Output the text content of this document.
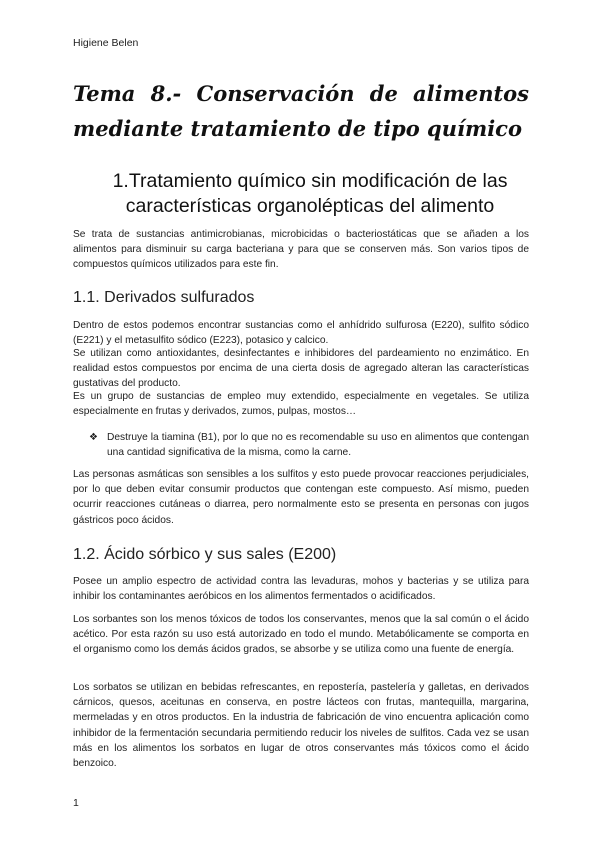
Higiene Belen
Tema 8.- Conservación de alimentos mediante tratamiento de tipo químico
1.Tratamiento químico sin modificación de las características organolépticas del alimento

Se trata de sustancias antimicrobianas, microbicidas o bacteriostáticas que se añaden a los alimentos para disminuir su carga bacteriana y para que se conserven más. Son varios tipos de compuestos químicos utilizados para este fin.

1.1. Derivados sulfurados

Dentro de estos podemos encontrar sustancias como el anhídrido sulfurosa (E220), sulfito sódico (E221) y el metasulfito sódico (E223), potasico y calcico.

Se utilizan como antioxidantes, desinfectantes e inhibidores del pardeamiento no enzimático. En realidad estos compuestos por encima de una cierta dosis de agregado alteran las características gustativas del producto.

Es un grupo de sustancias de empleo muy extendido, especialmente en vegetales. Se utiliza especialmente en frutas y derivados, zumos, pulpas, mostos…

❖ Destruye la tiamina (B1), por lo que no es recomendable su uso en alimentos que contengan una cantidad significativa de la misma, como la carne.

Las personas asmáticas son sensibles a los sulfitos y esto puede provocar reacciones perjudiciales, por lo que deben evitar consumir productos que contengan este compuesto. Así mismo, pueden ocurrir reacciones cutáneas o diarrea, pero normalmente esto se presenta en personas con jugos gástricos poco ácidos.

1.2. Ácido sórbico y sus sales (E200)

Posee un amplio espectro de actividad contra las levaduras, mohos y bacterias y se utiliza para inhibir los contaminantes aeróbicos en los alimentos fermentados o acidificados.

Los sorbantes son los menos tóxicos de todos los conservantes, menos que la sal común o el ácido acético. Por esta razón su uso está autorizado en todo el mundo. Metabólicamente se comporta en el organismo como los demás ácidos grados, se absorbe y se utiliza como una fuente de energía.

Los sorbatos se utilizan en bebidas refrescantes, en repostería, pastelería y galletas, en derivados cárnicos, quesos, aceitunas en conserva, en postre lácteos con frutas, mantequilla, margarina, mermeladas y en otros productos. En la industria de fabricación de vino encuentra aplicación como inhibidor de la fermentación secundaria permitiendo reducir los niveles de sulfitos. Cada vez se usan más en los alimentos los sorbatos en lugar de otros conservantes más tóxicos como el ácido benzoico.

1
